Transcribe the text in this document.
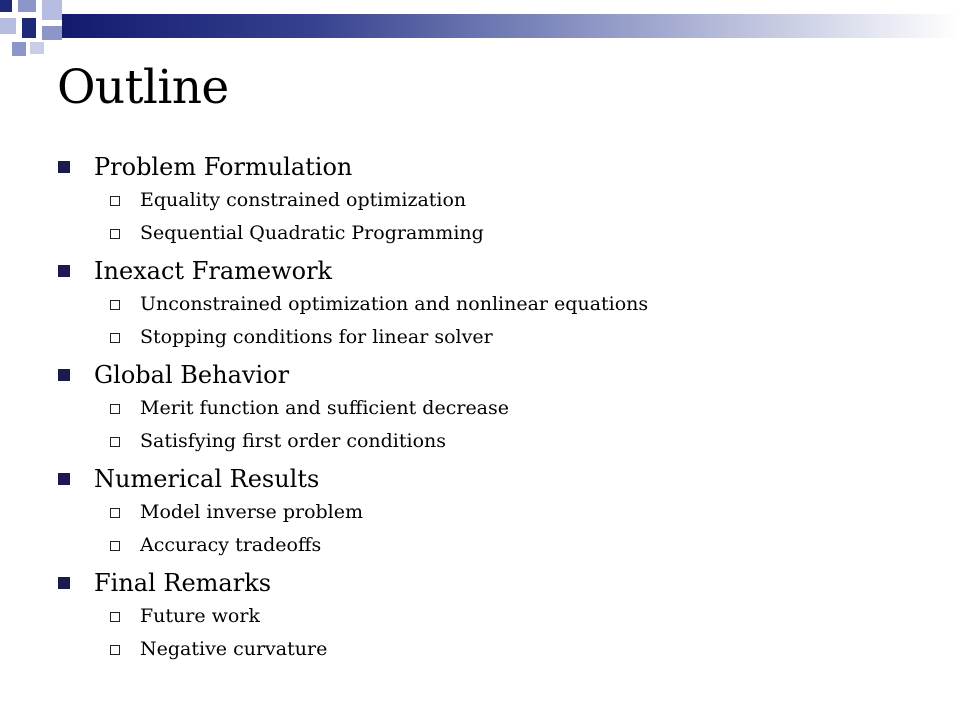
Outline
Problem Formulation
Equality constrained optimization
Sequential Quadratic Programming
Inexact Framework
Unconstrained optimization and nonlinear equations
Stopping conditions for linear solver
Global Behavior
Merit function and sufficient decrease
Satisfying first order conditions
Numerical Results
Model inverse problem
Accuracy tradeoffs
Final Remarks
Future work
Negative curvature
